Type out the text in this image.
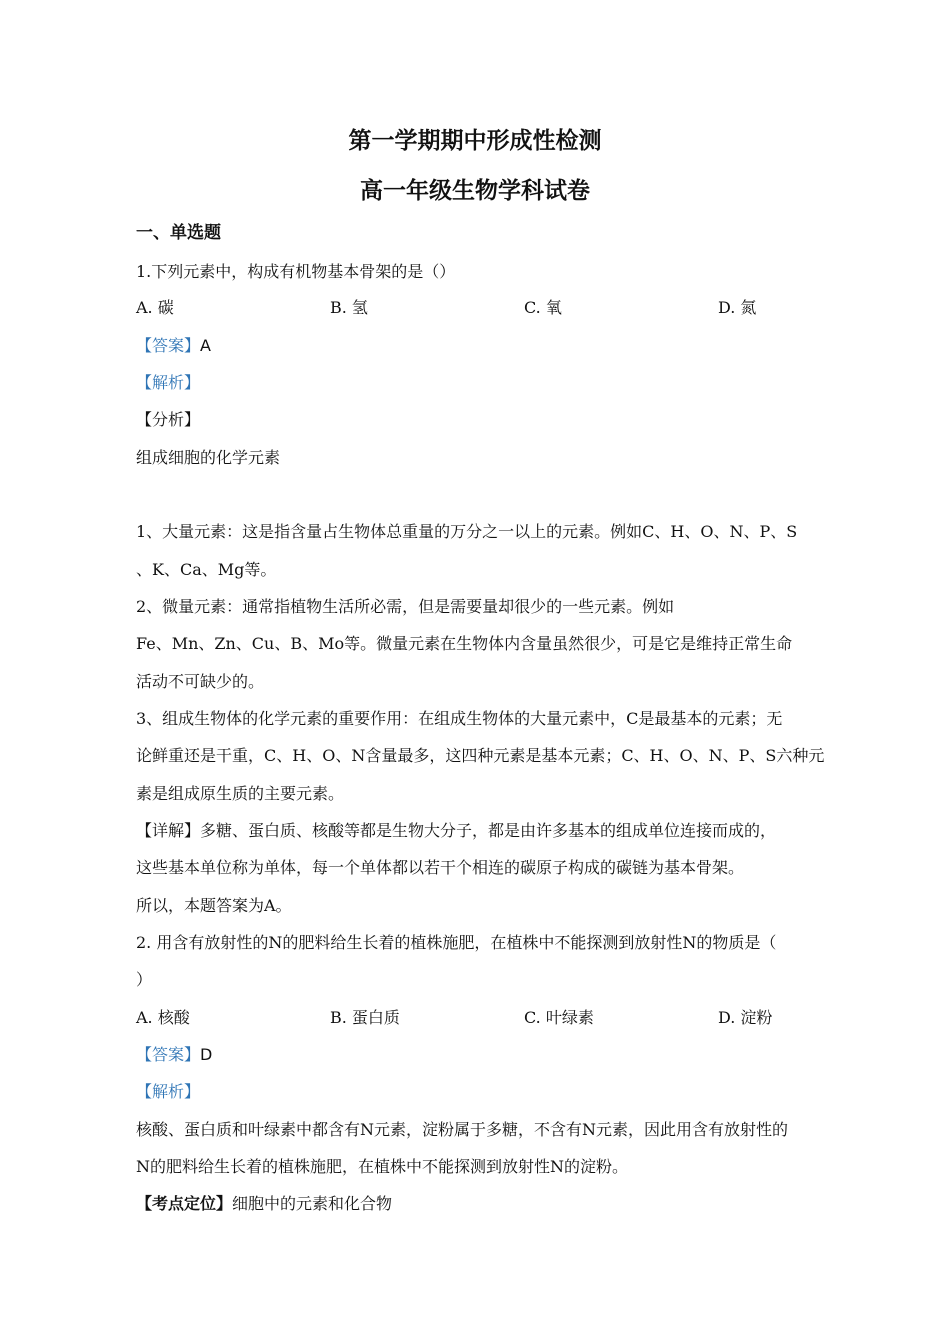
第一学期期中形成性检测
高一年级生物学科试卷
一、单选题
1.下列元素中，构成有机物基本骨架的是（）
A. 碳	B. 氢	C. 氧	D. 氮
【答案】A
【解析】
【分析】
组成细胞的化学元素
1、大量元素：这是指含量占生物体总重量的万分之一以上的元素。例如C、H、O、N、P、S
、K、Ca、Mg等。
2、微量元素：通常指植物生活所必需，但是需要量却很少的一些元素。例如
Fe、Mn、Zn、Cu、B、Mo等。微量元素在生物体内含量虽然很少，可是它是维持正常生命
活动不可缺少的。
3、组成生物体的化学元素的重要作用：在组成生物体的大量元素中，C是最基本的元素；无
论鲜重还是干重，C、H、O、N含量最多，这四种元素是基本元素；C、H、O、N、P、S六种元
素是组成原生质的主要元素。
【详解】多糖、蛋白质、核酸等都是生物大分子，都是由许多基本的组成单位连接而成的，
这些基本单位称为单体，每一个单体都以若干个相连的碳原子构成的碳链为基本骨架。
所以，本题答案为A。
2. 用含有放射性的N的肥料给生长着的植株施肥，在植株中不能探测到放射性N的物质是（
）
A. 核酸	B. 蛋白质	C. 叶绿素	D. 淀粉
【答案】D
【解析】
核酸、蛋白质和叶绿素中都含有N元素，淀粉属于多糖，不含有N元素，因此用含有放射性的
N的肥料给生长着的植株施肥，在植株中不能探测到放射性N的淀粉。
【考点定位】细胞中的元素和化合物
